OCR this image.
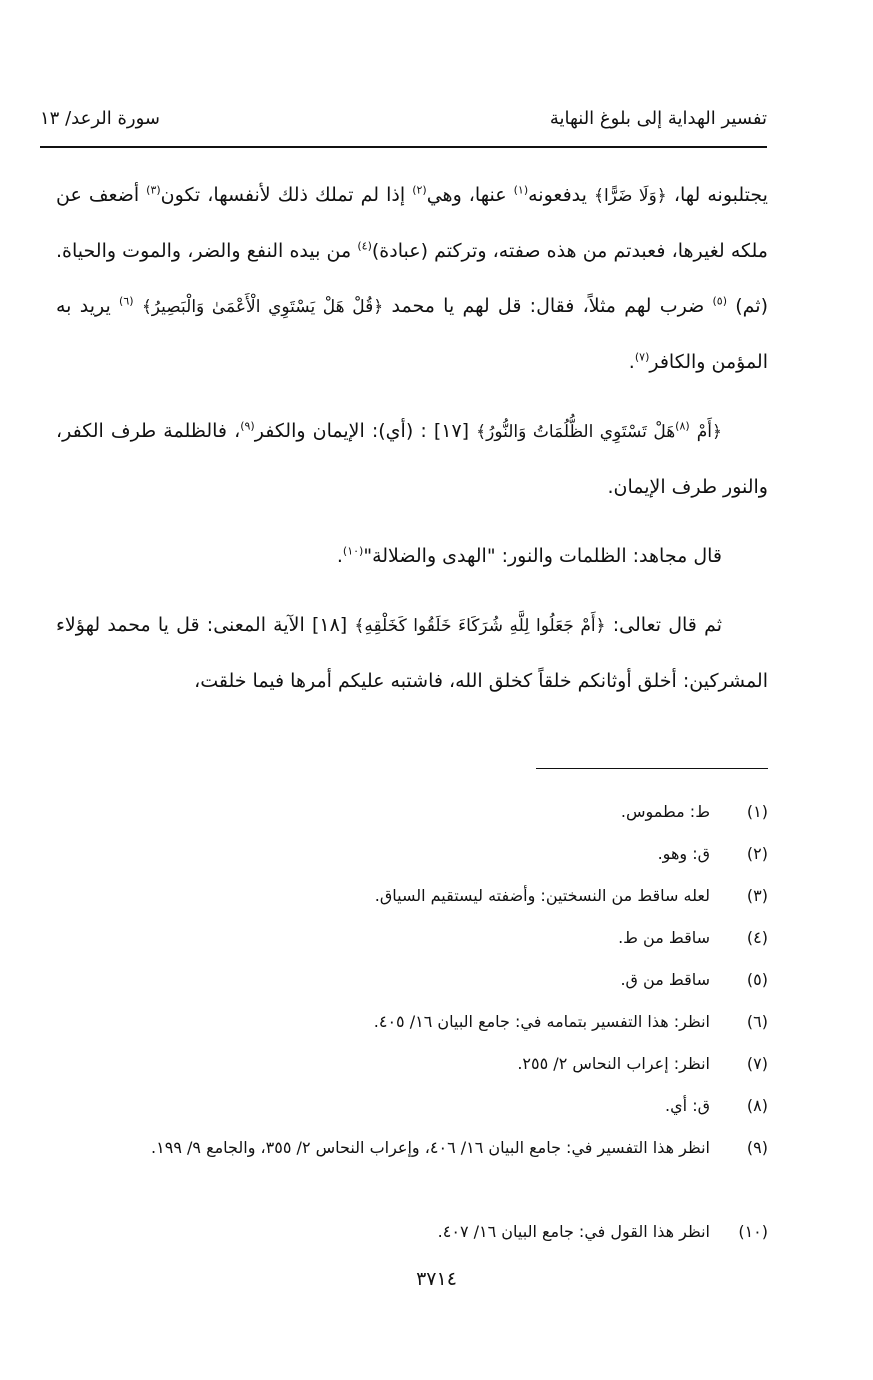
تفسير الهداية إلى بلوغ النهاية
سورة الرعد/ ١٣

يجتلبونه لها، ﴿وَلَا ضَرًّا﴾ يدفعونه$^{(١)}$ عنها، وهي$^{(٢)}$ إذا لم تملك ذلك لأنفسها، تكون$^{(٣)}$ أضعف عن ملكه لغيرها، فعبدتم من هذه صفته، وتركتم (عبادة)$^{(٤)}$ من بيده النفع والضر، والموت والحياة. (ثم) $^{(٥)}$ ضرب لهم مثلاً، فقال: قل لهم يا محمد ﴿قُلْ هَلْ يَسْتَوِي الْأَعْمَىٰ وَالْبَصِيرُ﴾ $^{(٦)}$ يريد به المؤمن والكافر$^{(٧)}$.

﴿أَمْ $^{(٨)}$هَلْ تَسْتَوِي الظُّلُمَاتُ وَالنُّورُ﴾ [١٧] : (أي): الإيمان والكفر$^{(٩)}$، فالظلمة طرف الكفر، والنور طرف الإيمان.

قال مجاهد: الظلمات والنور: "الهدى والضلالة"$^{(١٠)}$.

ثم قال تعالى: ﴿أَمْ جَعَلُوا لِلَّهِ شُرَكَاءَ خَلَقُوا كَخَلْقِهِ﴾ [١٨] الآية المعنى: قل يا محمد لهؤلاء المشركين: أخلق أوثانكم خلقاً كخلق الله، فاشتبه عليكم أمرها فيما خلقت،

(١)
ط: مطموس.
(٢)
ق: وهو.
(٣)
لعله ساقط من النسختين: وأضفته ليستقيم السياق.
(٤)
ساقط من ط.
(٥)
ساقط من ق.
(٦)
انظر: هذا التفسير بتمامه في: جامع البيان ١٦/ ٤٠٥.
(٧)
انظر: إعراب النحاس ٢/ ٢٥٥.
(٨)
ق: أي.
(٩)
انظر هذا التفسير في: جامع البيان ١٦/ ٤٠٦، وإعراب النحاس ٢/ ٣٥٥، والجامع ٩/ ١٩٩.
(١٠)
انظر هذا القول في: جامع البيان ١٦/ ٤٠٧.
٣٧١٤
